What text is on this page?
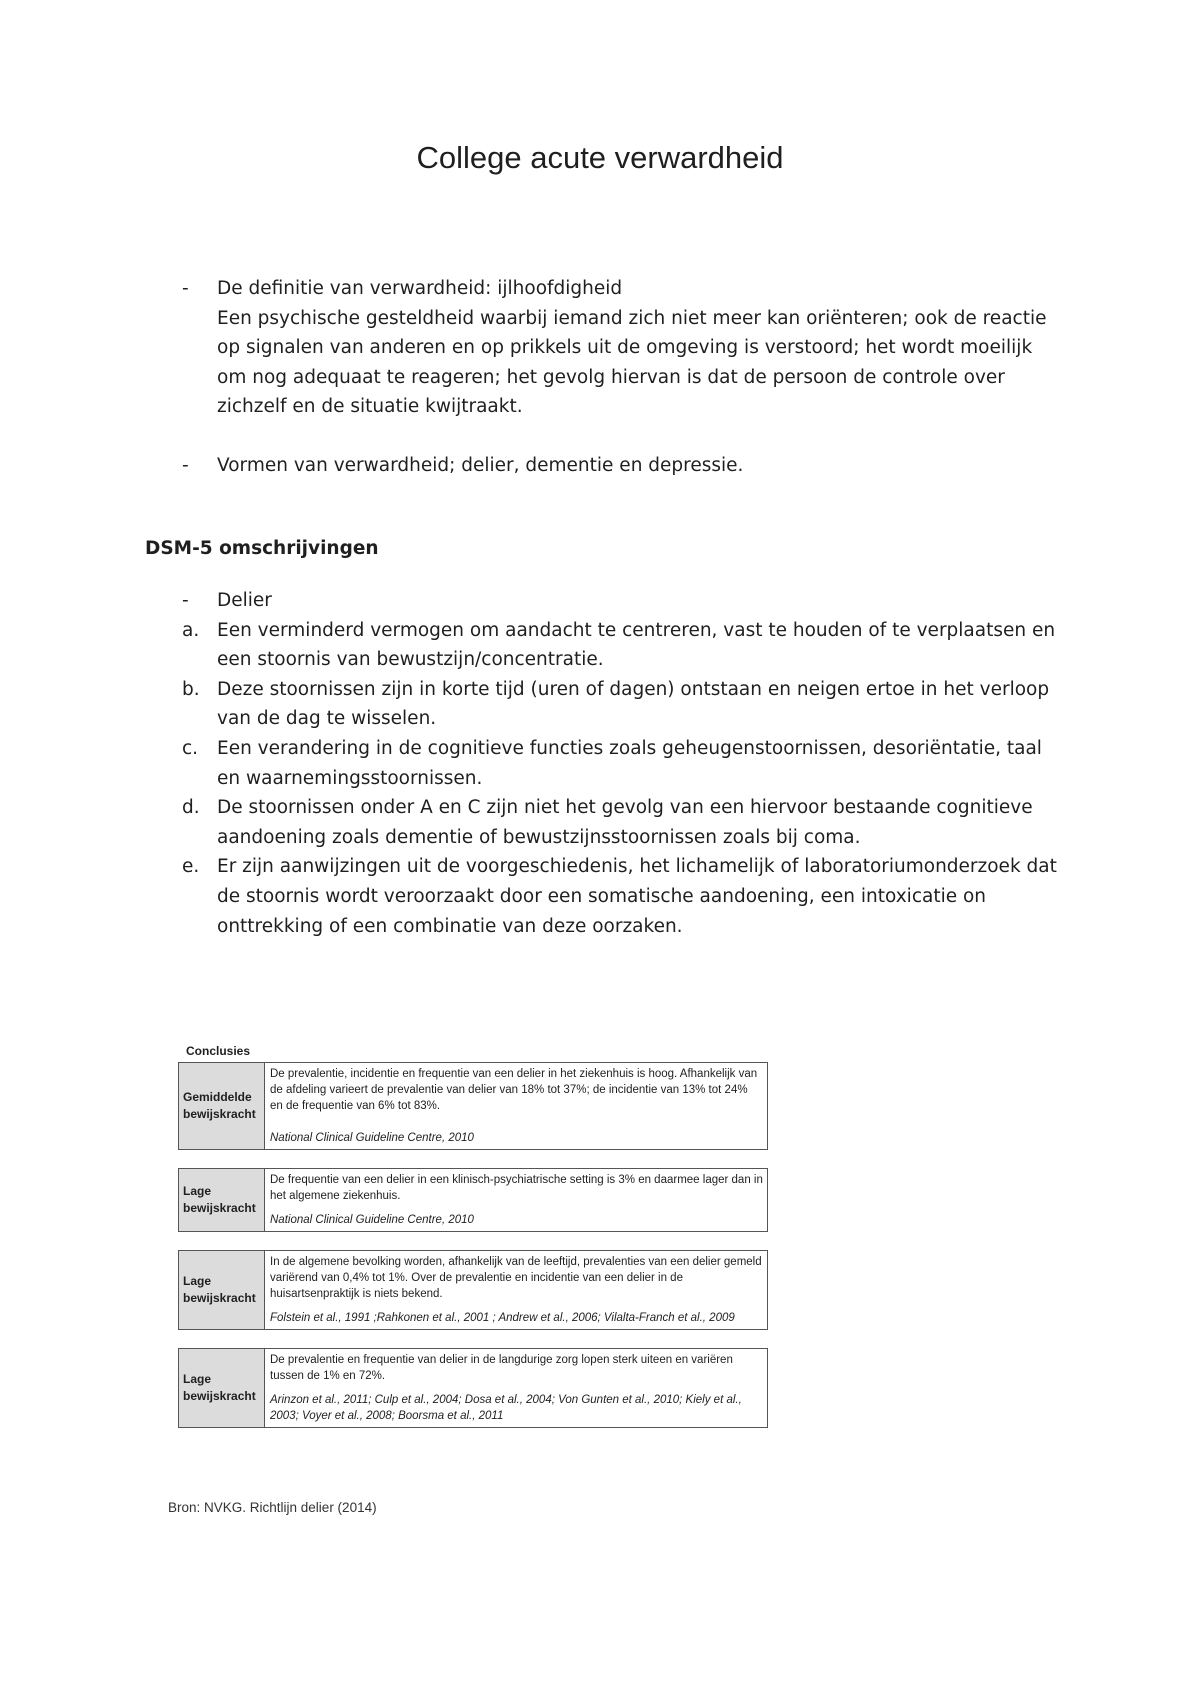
College acute verwardheid
- De definitie van verwardheid: ijlhoofdigheid
Een psychische gesteldheid waarbij iemand zich niet meer kan oriënteren; ook de reactie op signalen van anderen en op prikkels uit de omgeving is verstoord; het wordt moeilijk om nog adequaat te reageren; het gevolg hiervan is dat de persoon de controle over zichzelf en de situatie kwijtraakt.
- Vormen van verwardheid; delier, dementie en depressie.
DSM-5 omschrijvingen
- Delier
a. Een verminderd vermogen om aandacht te centreren, vast te houden of te verplaatsen en een stoornis van bewustzijn/concentratie.
b. Deze stoornissen zijn in korte tijd (uren of dagen) ontstaan en neigen ertoe in het verloop van de dag te wisselen.
c. Een verandering in de cognitieve functies zoals geheugenstoornissen, desoriëntatie, taal en waarnemingsstoornissen.
d. De stoornissen onder A en C zijn niet het gevolg van een hiervoor bestaande cognitieve aandoening zoals dementie of bewustzijnsstoornissen zoals bij coma.
e. Er zijn aanwijzingen uit de voorgeschiedenis, het lichamelijk of laboratoriumonderzoek dat de stoornis wordt veroorzaakt door een somatische aandoening, een intoxicatie on onttrekking of een combinatie van deze oorzaken.
Conclusies
Gemiddelde bewijskracht
De prevalentie, incidentie en frequentie van een delier in het ziekenhuis is hoog. Afhankelijk van de afdeling varieert de prevalentie van delier van 18% tot 37%; de incidentie van 13% tot 24% en de frequentie van 6% tot 83%.
National Clinical Guideline Centre, 2010
Lage bewijskracht
De frequentie van een delier in een klinisch-psychiatrische setting is 3% en daarmee lager dan in het algemene ziekenhuis.
National Clinical Guideline Centre, 2010
Lage bewijskracht
In de algemene bevolking worden, afhankelijk van de leeftijd, prevalenties van een delier gemeld variërend van 0,4% tot 1%. Over de prevalentie en incidentie van een delier in de huisartsenpraktijk is niets bekend.
Folstein et al., 1991 ;Rahkonen et al., 2001 ; Andrew et al., 2006; Vilalta-Franch et al., 2009
Lage bewijskracht
De prevalentie en frequentie van delier in de langdurige zorg lopen sterk uiteen en variëren tussen de 1% en 72%.
Arinzon et al., 2011; Culp et al., 2004; Dosa et al., 2004; Von Gunten et al., 2010; Kiely et al., 2003; Voyer et al., 2008; Boorsma et al., 2011
Bron: NVKG. Richtlijn delier (2014)
